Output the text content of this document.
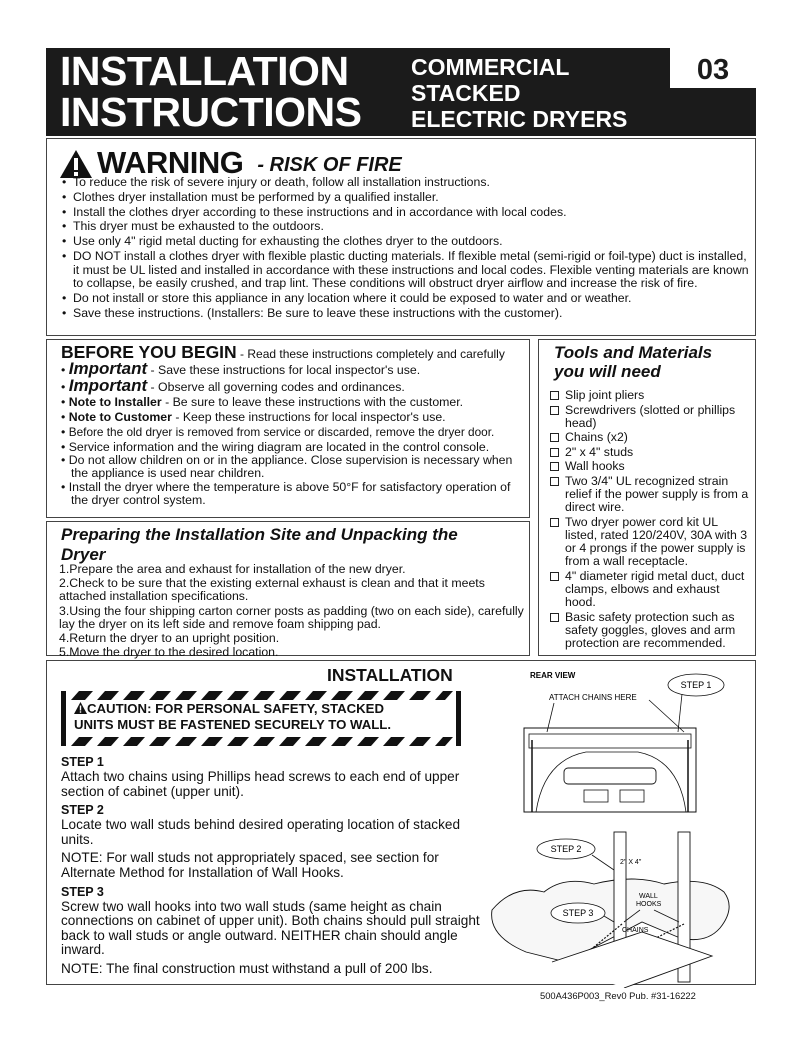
INSTALLATION
INSTRUCTIONS
COMMERCIAL
STACKED
ELECTRIC DRYERS
03
WARNING - RISK OF FIRE
• To reduce the risk of severe injury or death, follow all installation instructions.
• Clothes dryer installation must be performed by a qualified installer.
• Install the clothes dryer according to these instructions and in accordance with local codes.
• This dryer must be exhausted to the outdoors.
• Use only 4" rigid metal ducting for exhausting the clothes dryer to the outdoors.
• DO NOT install a clothes dryer with flexible plastic ducting materials. If flexible metal (semi-rigid or foil-type) duct is installed, it must be UL listed and installed in accordance with these instructions and local codes. Flexible venting materials are known to collapse, be easily crushed, and trap lint. These conditions will obstruct dryer airflow and increase the risk of fire.
• Do not install or store this appliance in any location where it could be exposed to water and or weather.
• Save these instructions. (Installers: Be sure to leave these instructions with the customer).
BEFORE YOU BEGIN - Read these instructions completely and carefully
• Important - Save these instructions for local inspector's use.
• Important - Observe all governing codes and ordinances.
• Note to Installer - Be sure to leave these instructions with the customer.
• Note to Customer - Keep these instructions for local inspector's use.
• Before the old dryer is removed from service or discarded, remove the dryer door.
• Service information and the wiring diagram are located in the control console.
• Do not allow children on or in the appliance. Close supervision is necessary when the appliance is used near children.
• Install the dryer where the temperature is above 50°F for satisfactory operation of the dryer control system.
Tools and Materials
you will need
Slip joint pliers
Screwdrivers (slotted or phillips head)
Chains (x2)
2" x 4" studs
Wall hooks
Two 3/4" UL recognized strain relief if the power supply is from a direct wire.
Two dryer power cord kit UL listed, rated 120/240V, 30A with 3 or 4 prongs if the power supply is from a wall receptacle.
4" diameter rigid metal duct, duct clamps, elbows and exhaust hood.
Basic safety protection such as safety goggles, gloves and arm protection are recommended.
Preparing the Installation Site and Unpacking the Dryer
1.Prepare the area and exhaust for installation of the new dryer.
2.Check to be sure that the existing external exhaust is clean and that it meets attached installation specifications.
3.Using the four shipping carton corner posts as padding (two on each side), carefully lay the dryer on its left side and remove foam shipping pad.
4.Return the dryer to an upright position.
5.Move the dryer to the desired location.
INSTALLATION
CAUTION: FOR PERSONAL SAFETY, STACKED
UNITS MUST BE FASTENED SECURELY TO WALL.
STEP 1

Attach two chains using Phillips head screws to each end of upper section of cabinet (upper unit).

STEP 2

Locate two wall studs behind desired operating location of stacked units.

NOTE: For wall studs not appropriately spaced, see section for Alternate Method for Installation of Wall Hooks.

STEP 3

Screw two wall hooks into two wall studs (same height as chain connections on cabinet of upper unit). Both chains should pull straight back to wall studs or angle outward. NEITHER chain should angle inward.

NOTE: The final construction must withstand a pull of 200 lbs.

REAR VIEW
ATTACH CHAINS HERE
STEP 1
STEP 2
2" X 4"
WALL
HOOKS
CHAINS
STEP 3
500A436P003_Rev0 Pub. #31-16222
